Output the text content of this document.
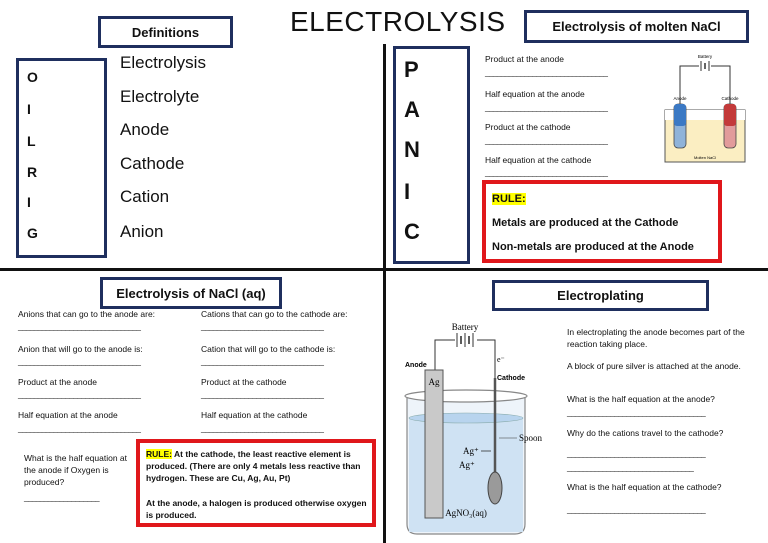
ELECTROLYSIS
Definitions
O
I
L
R
I
G
Electrolysis
Electrolyte
Anode
Cathode
Cation
Anion
P
A
N
I
C
Electrolysis of molten NaCl
Product at the anode
_______________________________
Half equation at the anode
_______________________________
Product at the cathode
_______________________________
Half equation at the cathode
_______________________________
Battery
Anode	Cathode
Molten NaCl
RULE:
Metals are produced at the Cathode
Non-metals are produced at the Anode
Electrolysis of NaCl (aq)
Anions that can go to the anode are:
_______________________________
Anion that will go to the anode is:
_______________________________
Product at the anode
_______________________________
Half equation at the anode
_______________________________
Cations that can go to the cathode are:
_______________________________
Cation that will go to the cathode is:
_______________________________
Product at the cathode
_______________________________
Half equation at the cathode
_______________________________
What is the half equation at the anode if Oxygen is produced?
___________________
RULE: At the cathode, the least reactive element is produced. (There are only 4 metals less reactive than hydrogen. These are Cu, Ag, Au, Pt)
At the anode, a halogen is produced otherwise oxygen is produced.
Electroplating
Battery
e⁻
Anode
Cathode
Ag
Ag⁺
Ag⁺
Spoon
AgNO₃(aq)
In electroplating the anode becomes part of the reaction taking place.
A block of pure silver is attached at the anode.
What is the half equation at the anode?
___________________________________
Why do the cations travel to the cathode?
___________________________________
________________________________
What is the half equation at the cathode?
___________________________________
